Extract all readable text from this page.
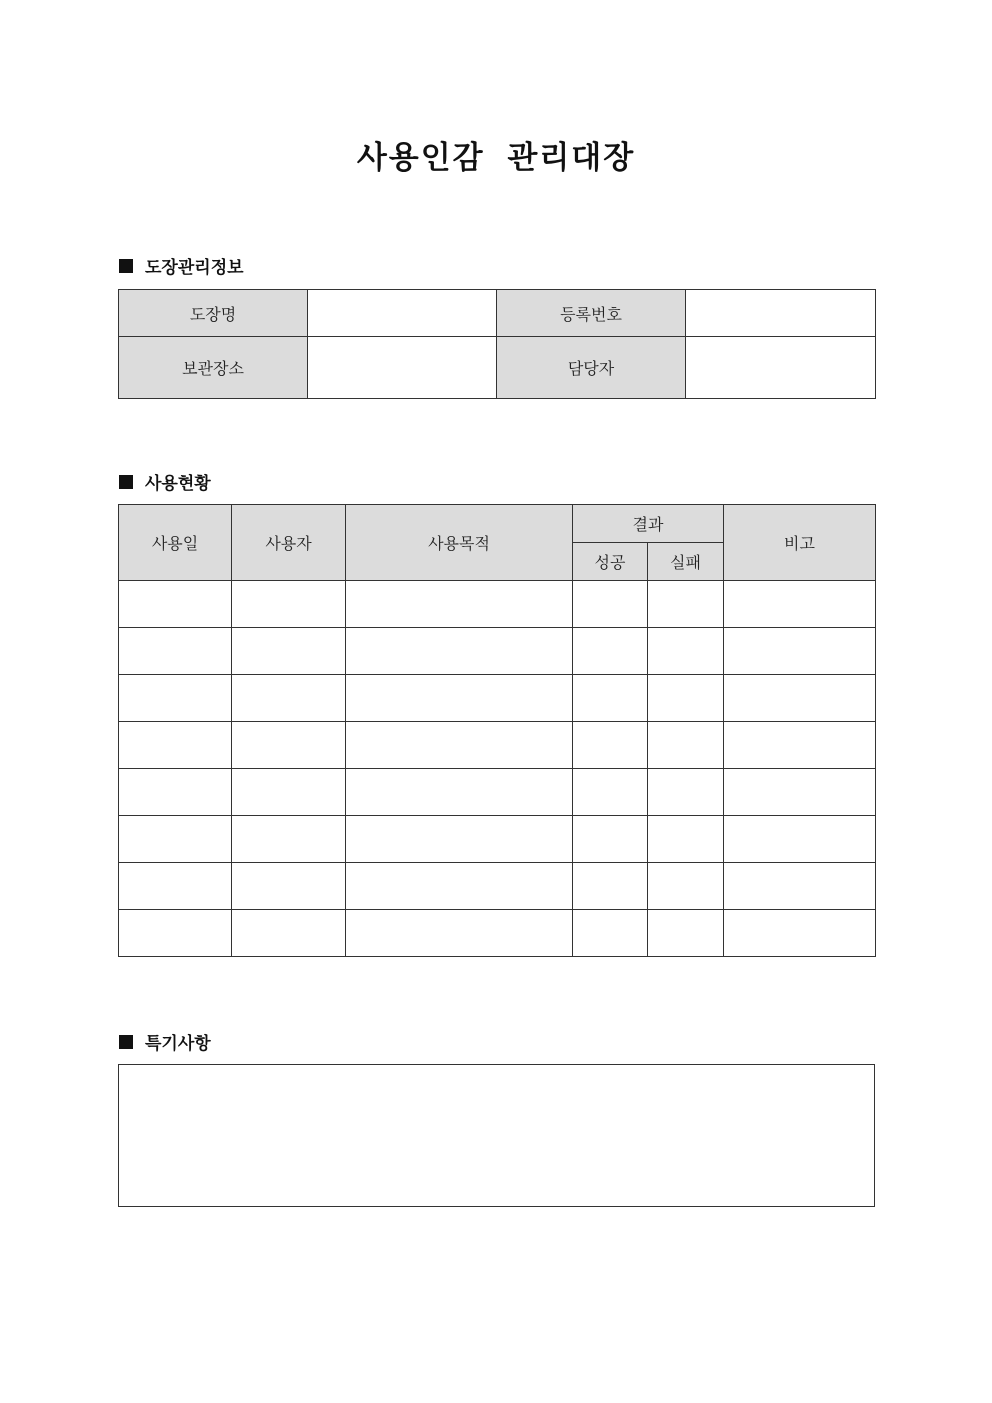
사용인감 관리대장
도장관리정보
도장명		등록번호	
보관장소		담당자	
사용현황
사용일	사용자	사용목적	결과		비고
			성공	실패	

특기사항
